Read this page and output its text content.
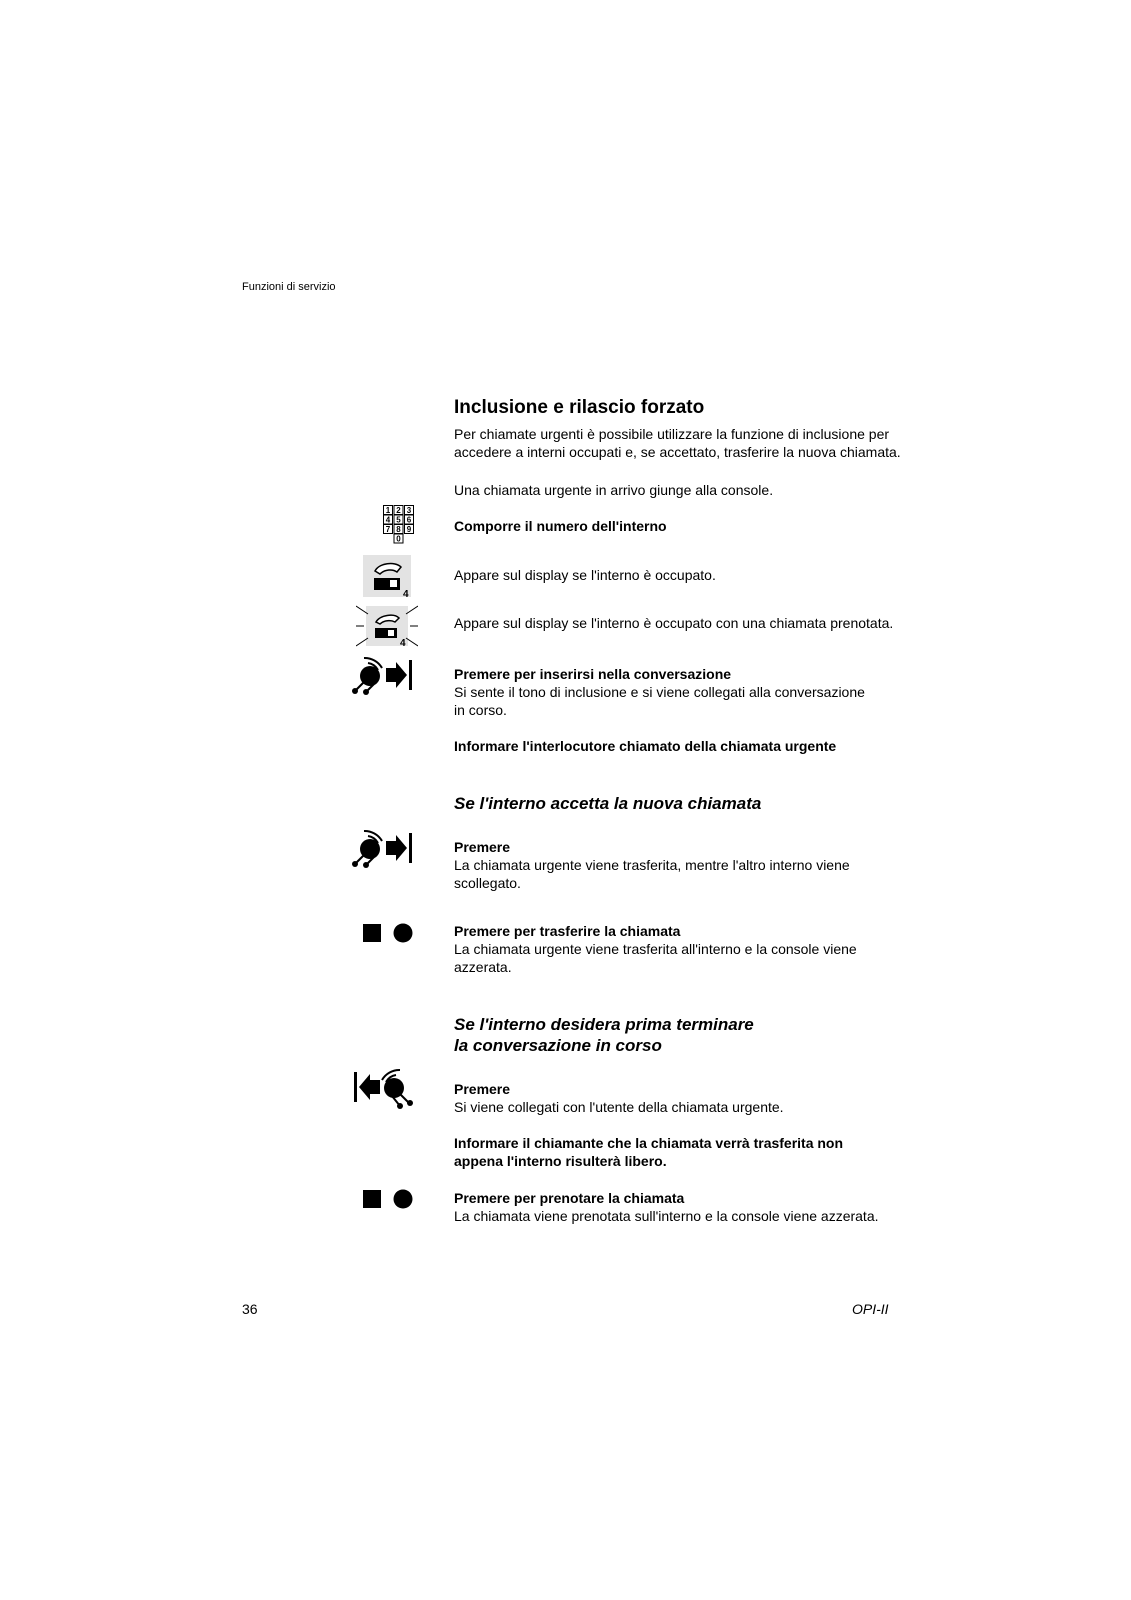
Funzioni di servizio
Inclusione e rilascio forzato
Per chiamate urgenti è possibile utilizzare la funzione di inclusione per
accedere a interni occupati e, se accettato, trasferire la nuova chiamata.
Una chiamata urgente in arrivo giunge alla console.
1 2 3
4 5 6
7 8 9
0
Comporre il numero dell'interno
4
Appare sul display se l'interno è occupato.
4
Appare sul display se l'interno è occupato con una chiamata prenotata.
Premere per inserirsi nella conversazione
Si sente il tono di inclusione e si viene collegati alla conversazione
in corso.
Informare l'interlocutore chiamato della chiamata urgente
Se l'interno accetta la nuova chiamata
Premere
La chiamata urgente viene trasferita, mentre l'altro interno viene
scollegato.
Premere per trasferire la chiamata
La chiamata urgente viene trasferita all'interno e la console viene
azzerata.
Se l'interno desidera prima terminare
la conversazione in corso
Premere
Si viene collegati con l'utente della chiamata urgente.
Informare il chiamante che la chiamata verrà trasferita non
appena l'interno risulterà libero.
Premere per prenotare la chiamata
La chiamata viene prenotata sull'interno e la console viene azzerata.
36	OPI-II
